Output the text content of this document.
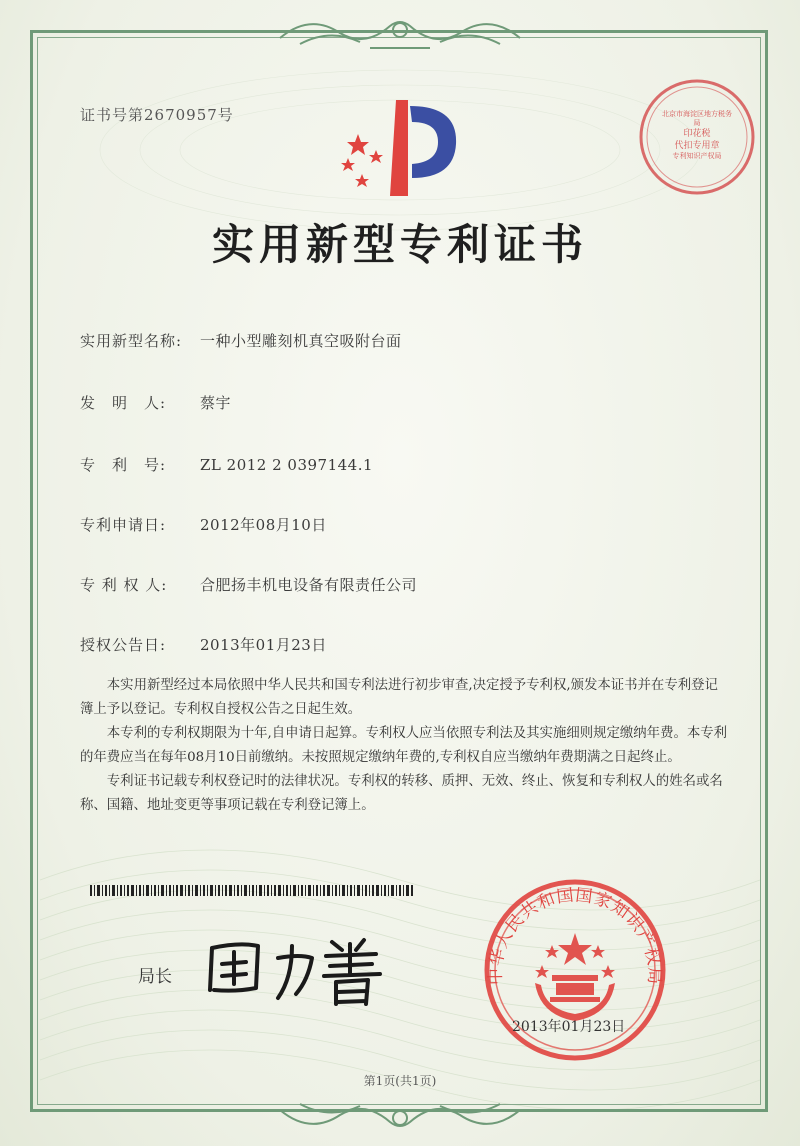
证书号第2670957号
实用新型专利证书
北京市海淀区地方税务局
印花税
代扣专用章
专利知识产权局
实用新型名称: 一种小型雕刻机真空吸附台面
发　明　人: 蔡宇
专　利　号: ZL 2012 2 0397144.1
专利申请日: 2012年08月10日
专 利 权 人: 合肥扬丰机电设备有限责任公司
授权公告日: 2013年01月23日

本实用新型经过本局依照中华人民共和国专利法进行初步审查,决定授予专利权,颁发本证书并在专利登记簿上予以登记。专利权自授权公告之日起生效。

本专利的专利权期限为十年,自申请日起算。专利权人应当依照专利法及其实施细则规定缴纳年费。本专利的年费应当在每年08月10日前缴纳。未按照规定缴纳年费的,专利权自应当缴纳年费期满之日起终止。

专利证书记载专利权登记时的法律状况。专利权的转移、质押、无效、终止、恢复和专利权人的姓名或名称、国籍、地址变更等事项记载在专利登记簿上。

局长	中华人民共和国国家知识产权局
2013年01月23日
第1页(共1页)
